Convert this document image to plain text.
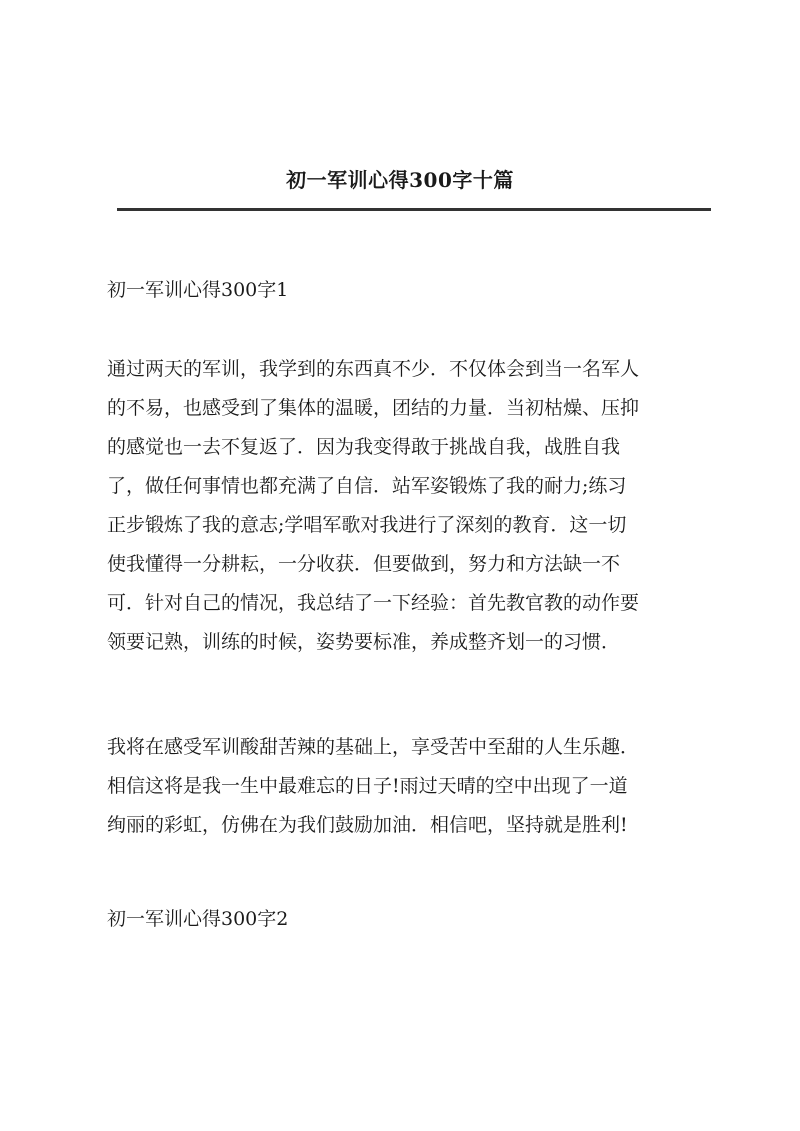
初一军训心得300字十篇
初一军训心得300字1
通过两天的军训，我学到的东西真不少．不仅体会到当一名军人
的不易，也感受到了集体的温暖，团结的力量．当初枯燥、压抑
的感觉也一去不复返了．因为我变得敢于挑战自我，战胜自我
了，做任何事情也都充满了自信．站军姿锻炼了我的耐力;练习
正步锻炼了我的意志;学唱军歌对我进行了深刻的教育．这一切
使我懂得一分耕耘，一分收获．但要做到，努力和方法缺一不
可．针对自己的情况，我总结了一下经验：首先教官教的动作要
领要记熟，训练的时候，姿势要标准，养成整齐划一的习惯．
我将在感受军训酸甜苦辣的基础上，享受苦中至甜的人生乐趣．
相信这将是我一生中最难忘的日子!雨过天晴的空中出现了一道
绚丽的彩虹，仿佛在为我们鼓励加油．相信吧，坚持就是胜利!
初一军训心得300字2
